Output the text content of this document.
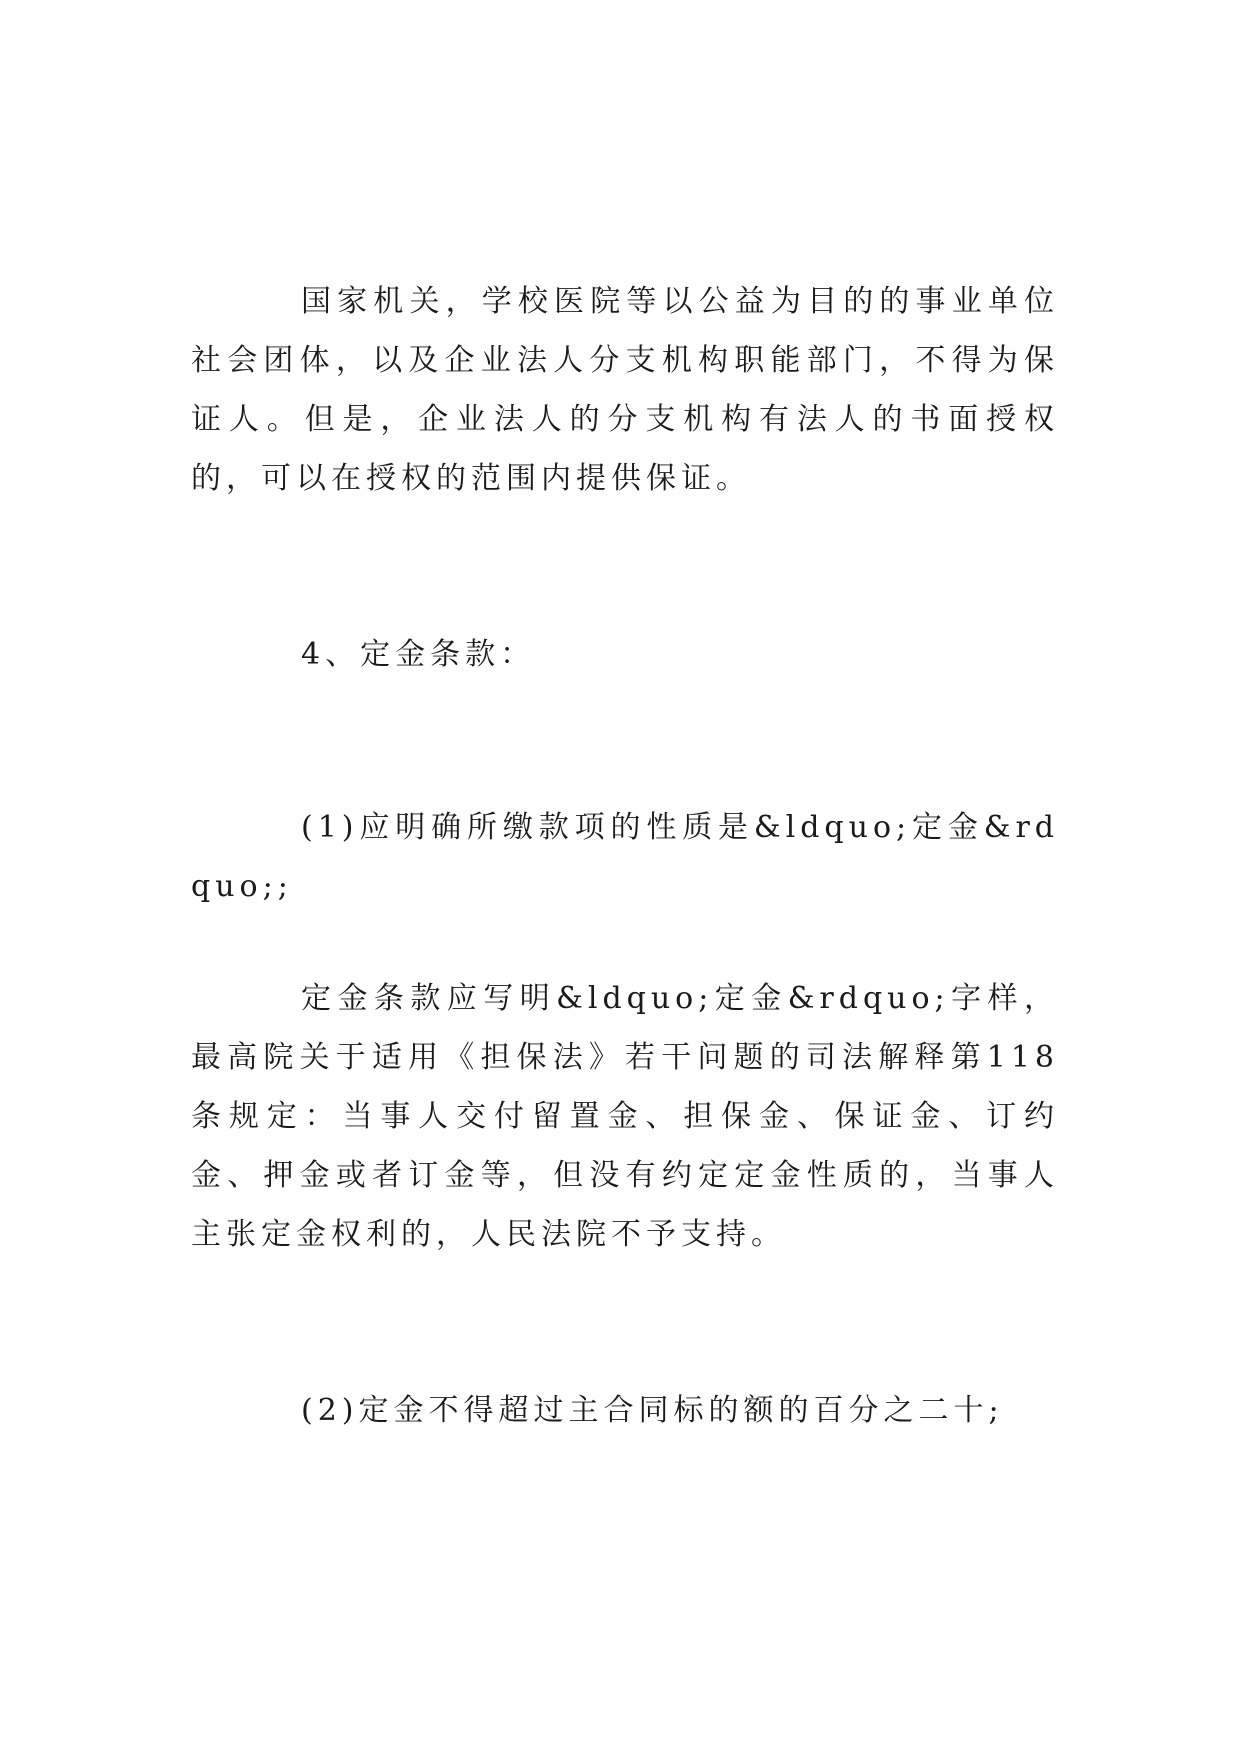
国家机关，学校医院等以公益为目的的事业单位社会团体，以及企业法人分支机构职能部门，不得为保证人。但是，企业法人的分支机构有法人的书面授权的，可以在授权的范围内提供保证。

4、定金条款：

(1)应明确所缴款项的性质是&ldquo;定金&rdquo;;

定金条款应写明&ldquo;定金&rdquo;字样，最高院关于适用《担保法》若干问题的司法解释第118条规定：当事人交付留置金、担保金、保证金、订约金、押金或者订金等，但没有约定定金性质的，当事人主张定金权利的，人民法院不予支持。

(2)定金不得超过主合同标的额的百分之二十;
